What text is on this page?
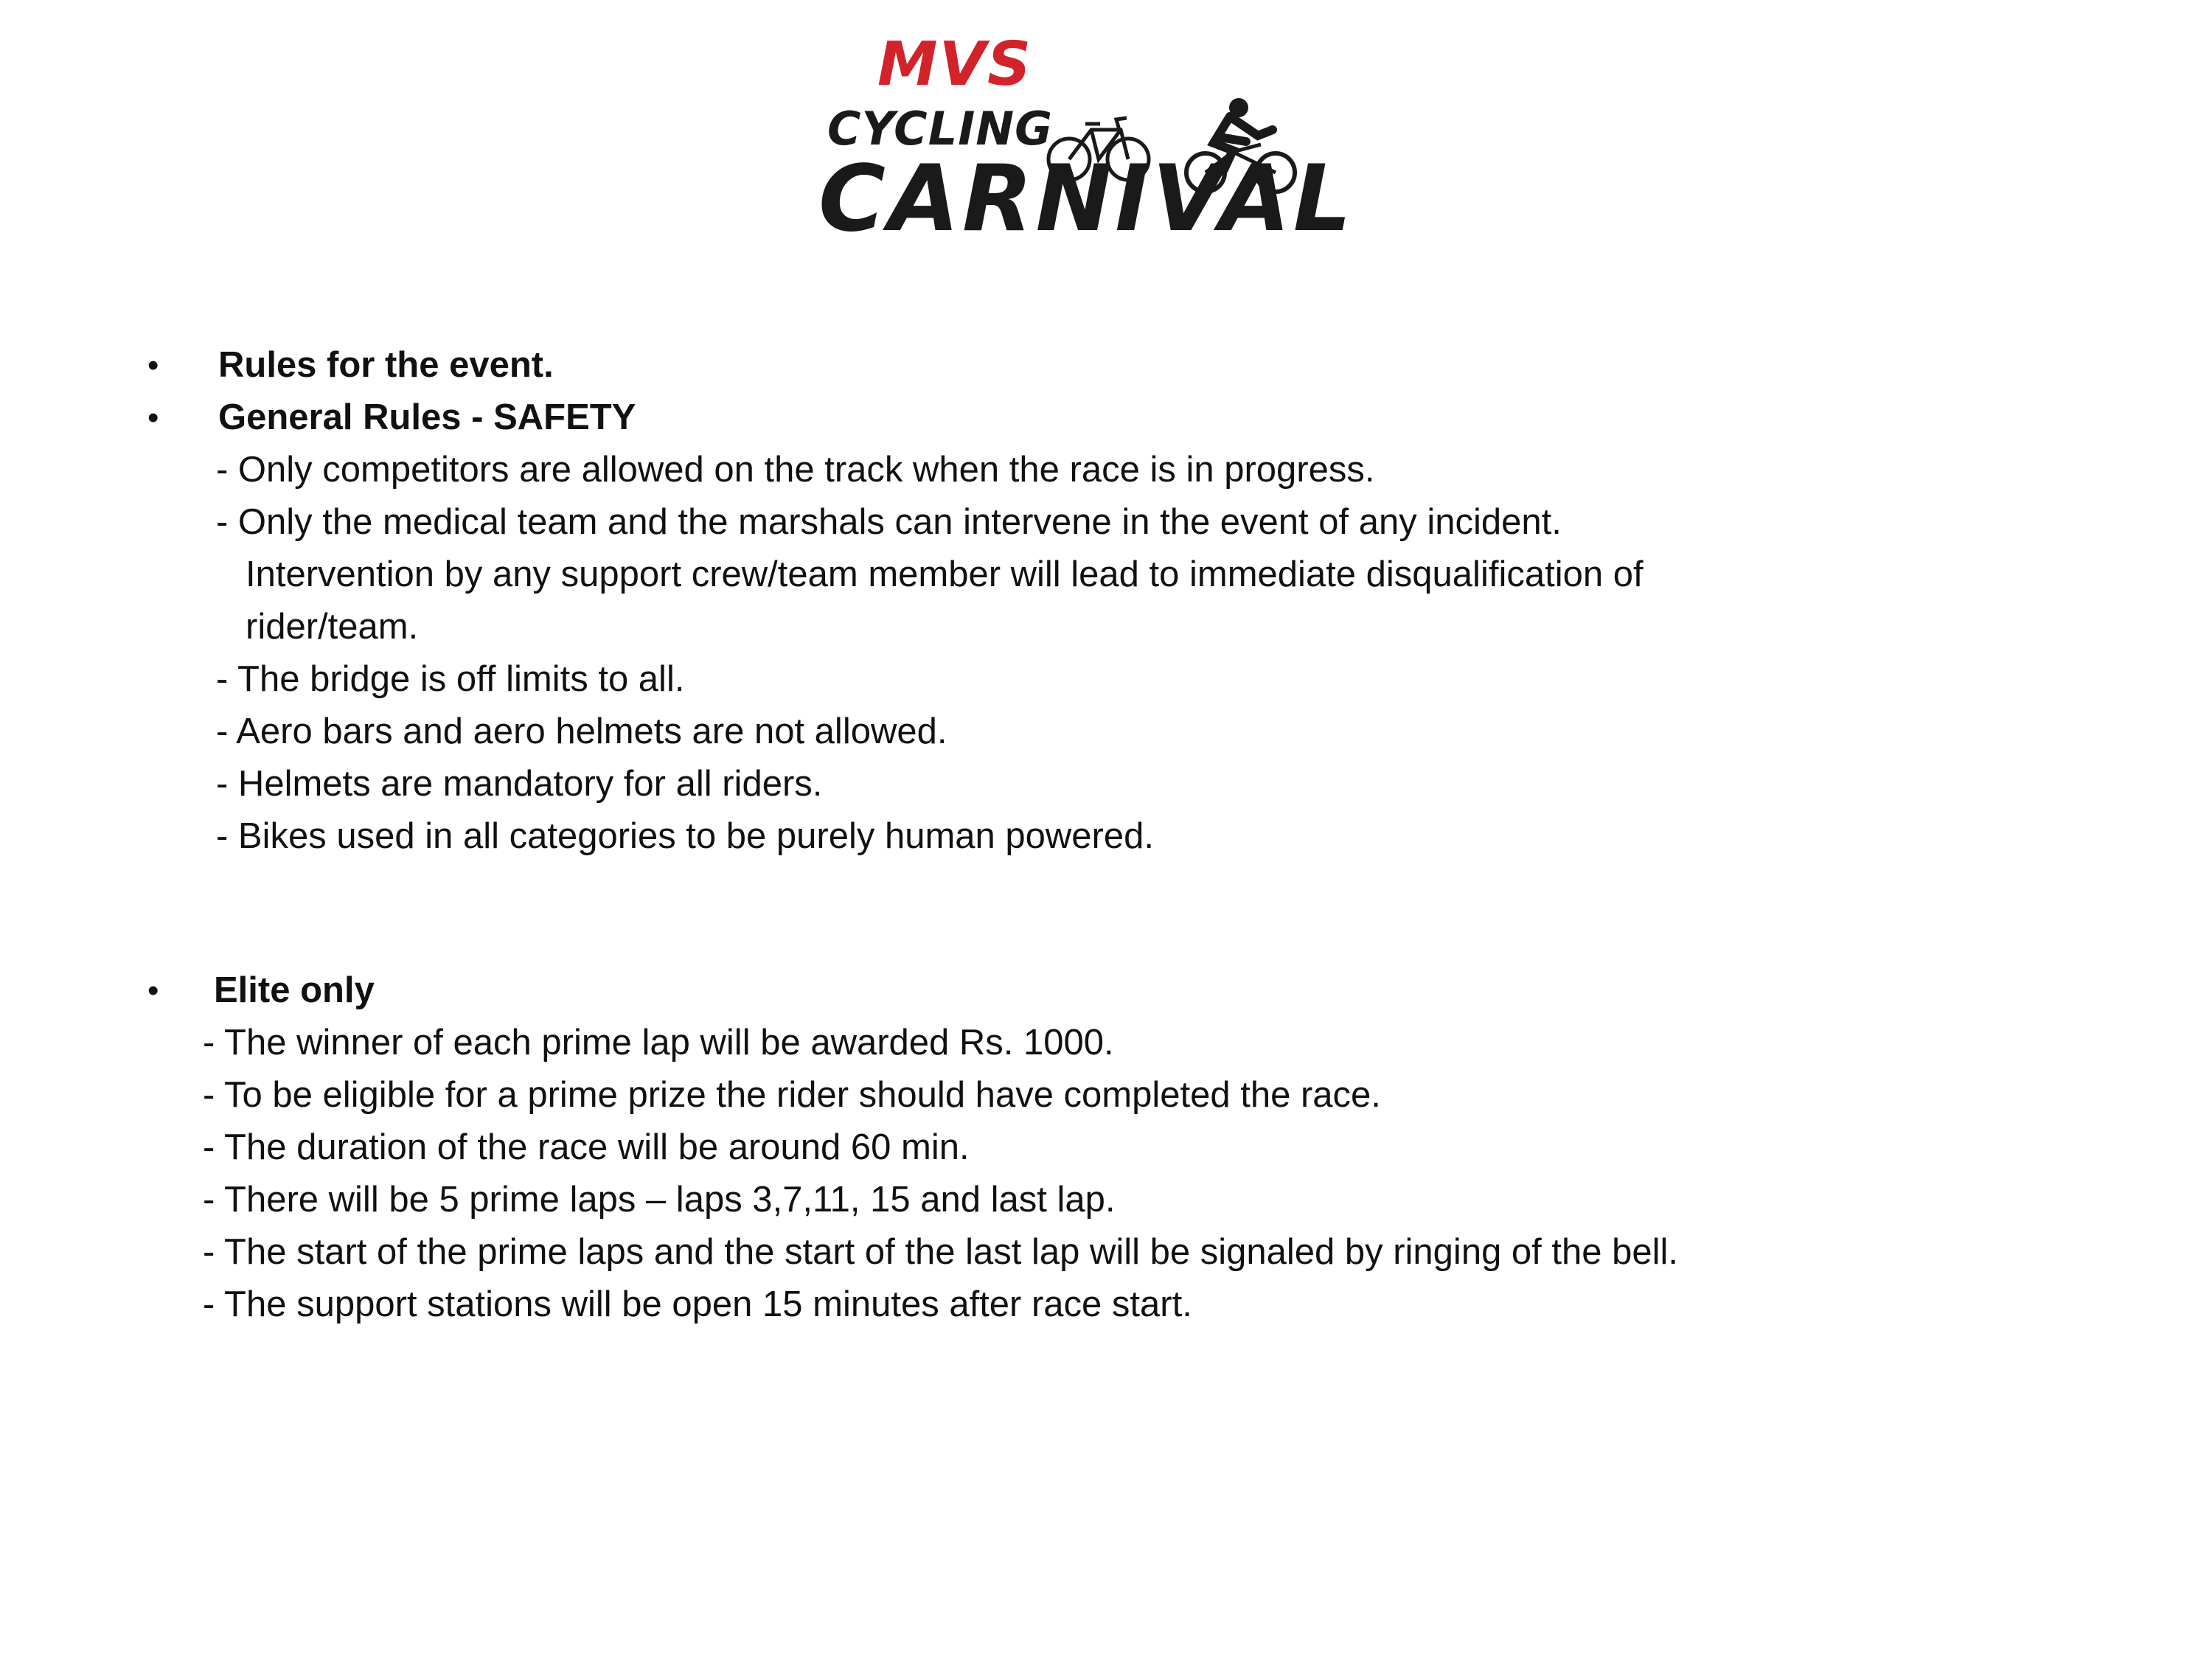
MVS
CYCLING
CARNIVAL
• Rules for the event.
• General Rules - SAFETY
- Only competitors are allowed on the track when the race is in progress.
- Only the medical team and the marshals can intervene in the event of any incident.
Intervention by any support crew/team member will lead to immediate disqualification of
rider/team.
- The bridge is off limits to all.
- Aero bars and aero helmets are not allowed.
- Helmets are mandatory for all riders.
- Bikes used in all categories to be purely human powered.
• Elite only
- The winner of each prime lap will be awarded Rs. 1000.
- To be eligible for a prime prize the rider should have completed the race.
- The duration of the race will be around 60 min.
- There will be 5 prime laps – laps 3,7,11, 15 and last lap.
- The start of the prime laps and the start of the last lap will be signaled by ringing of the bell.
- The support stations will be open 15 minutes after race start.
